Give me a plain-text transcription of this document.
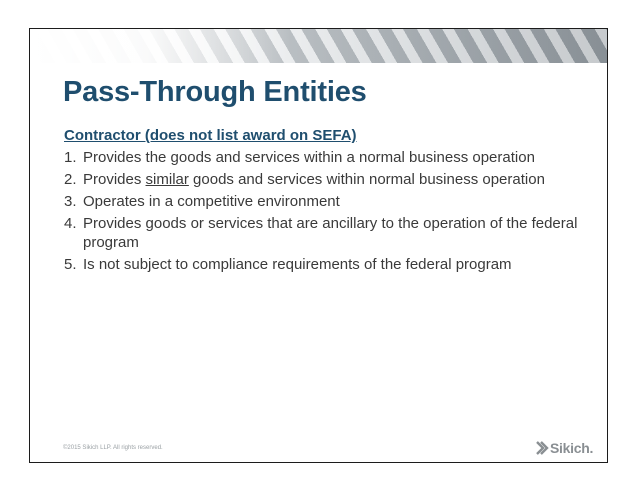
Pass-Through Entities
Contractor (does not list award on SEFA)
1. Provides the goods and services within a normal business operation
2. Provides similar goods and services within normal business operation
3. Operates in a competitive environment
4. Provides goods or services that are ancillary to the operation of the federal program
5. Is not subject to compliance requirements of the federal program
©2015 Sikich LLP. All rights reserved.	Sikich.
